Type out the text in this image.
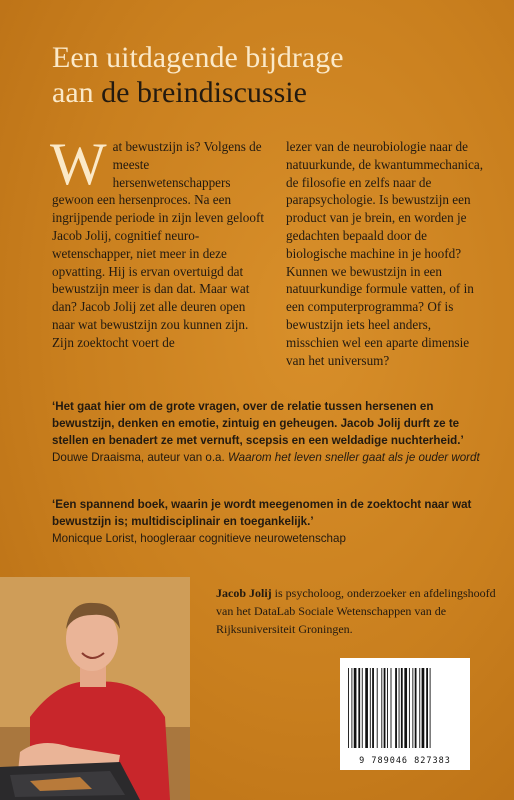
Een uitdagende bijdrage
aan de breindiscussie

Wat bewustzijn is? Volgens de meeste hersenwetenschappers gewoon een hersenproces. Na een ingrijpende periode in zijn leven gelooft Jacob Jolij, cognitief neurowetenschapper, niet meer in deze opvatting. Hij is ervan overtuigd dat bewustzijn meer is dan dat. Maar wat dan? Jacob Jolij zet alle deuren open naar wat bewustzijn zou kunnen zijn. Zijn zoektocht voert de

lezer van de neurobiologie naar de natuurkunde, de kwantummechanica, de filosofie en zelfs naar de parapsychologie. Is bewustzijn een product van je brein, en worden je gedachten bepaald door de biologische machine in je hoofd? Kunnen we bewustzijn in een natuurkundige formule vatten, of in een computerprogramma? Of is bewustzijn iets heel anders, misschien wel een aparte dimensie van het universum?

‘Het gaat hier om de grote vragen, over de relatie tussen hersenen en bewustzijn, denken en emotie, zintuig en geheugen. Jacob Jolij durft ze te stellen en benadert ze met vernuft, scepsis en een weldadige nuchterheid.’ Douwe Draaisma, auteur van o.a. Waarom het leven sneller gaat als je ouder wordt
‘Een spannend boek, waarin je wordt meegenomen in de zoektocht naar wat bewustzijn is; multidisciplinair en toegankelijk.’
Monicque Lorist, hoogleraar cognitieve neurowetenschap
Jacob Jolij is psycholoog, onderzoeker en afdelingshoofd van het DataLab Sociale Wetenschappen van de Rijksuniversiteit Groningen.
9 789046 827383
